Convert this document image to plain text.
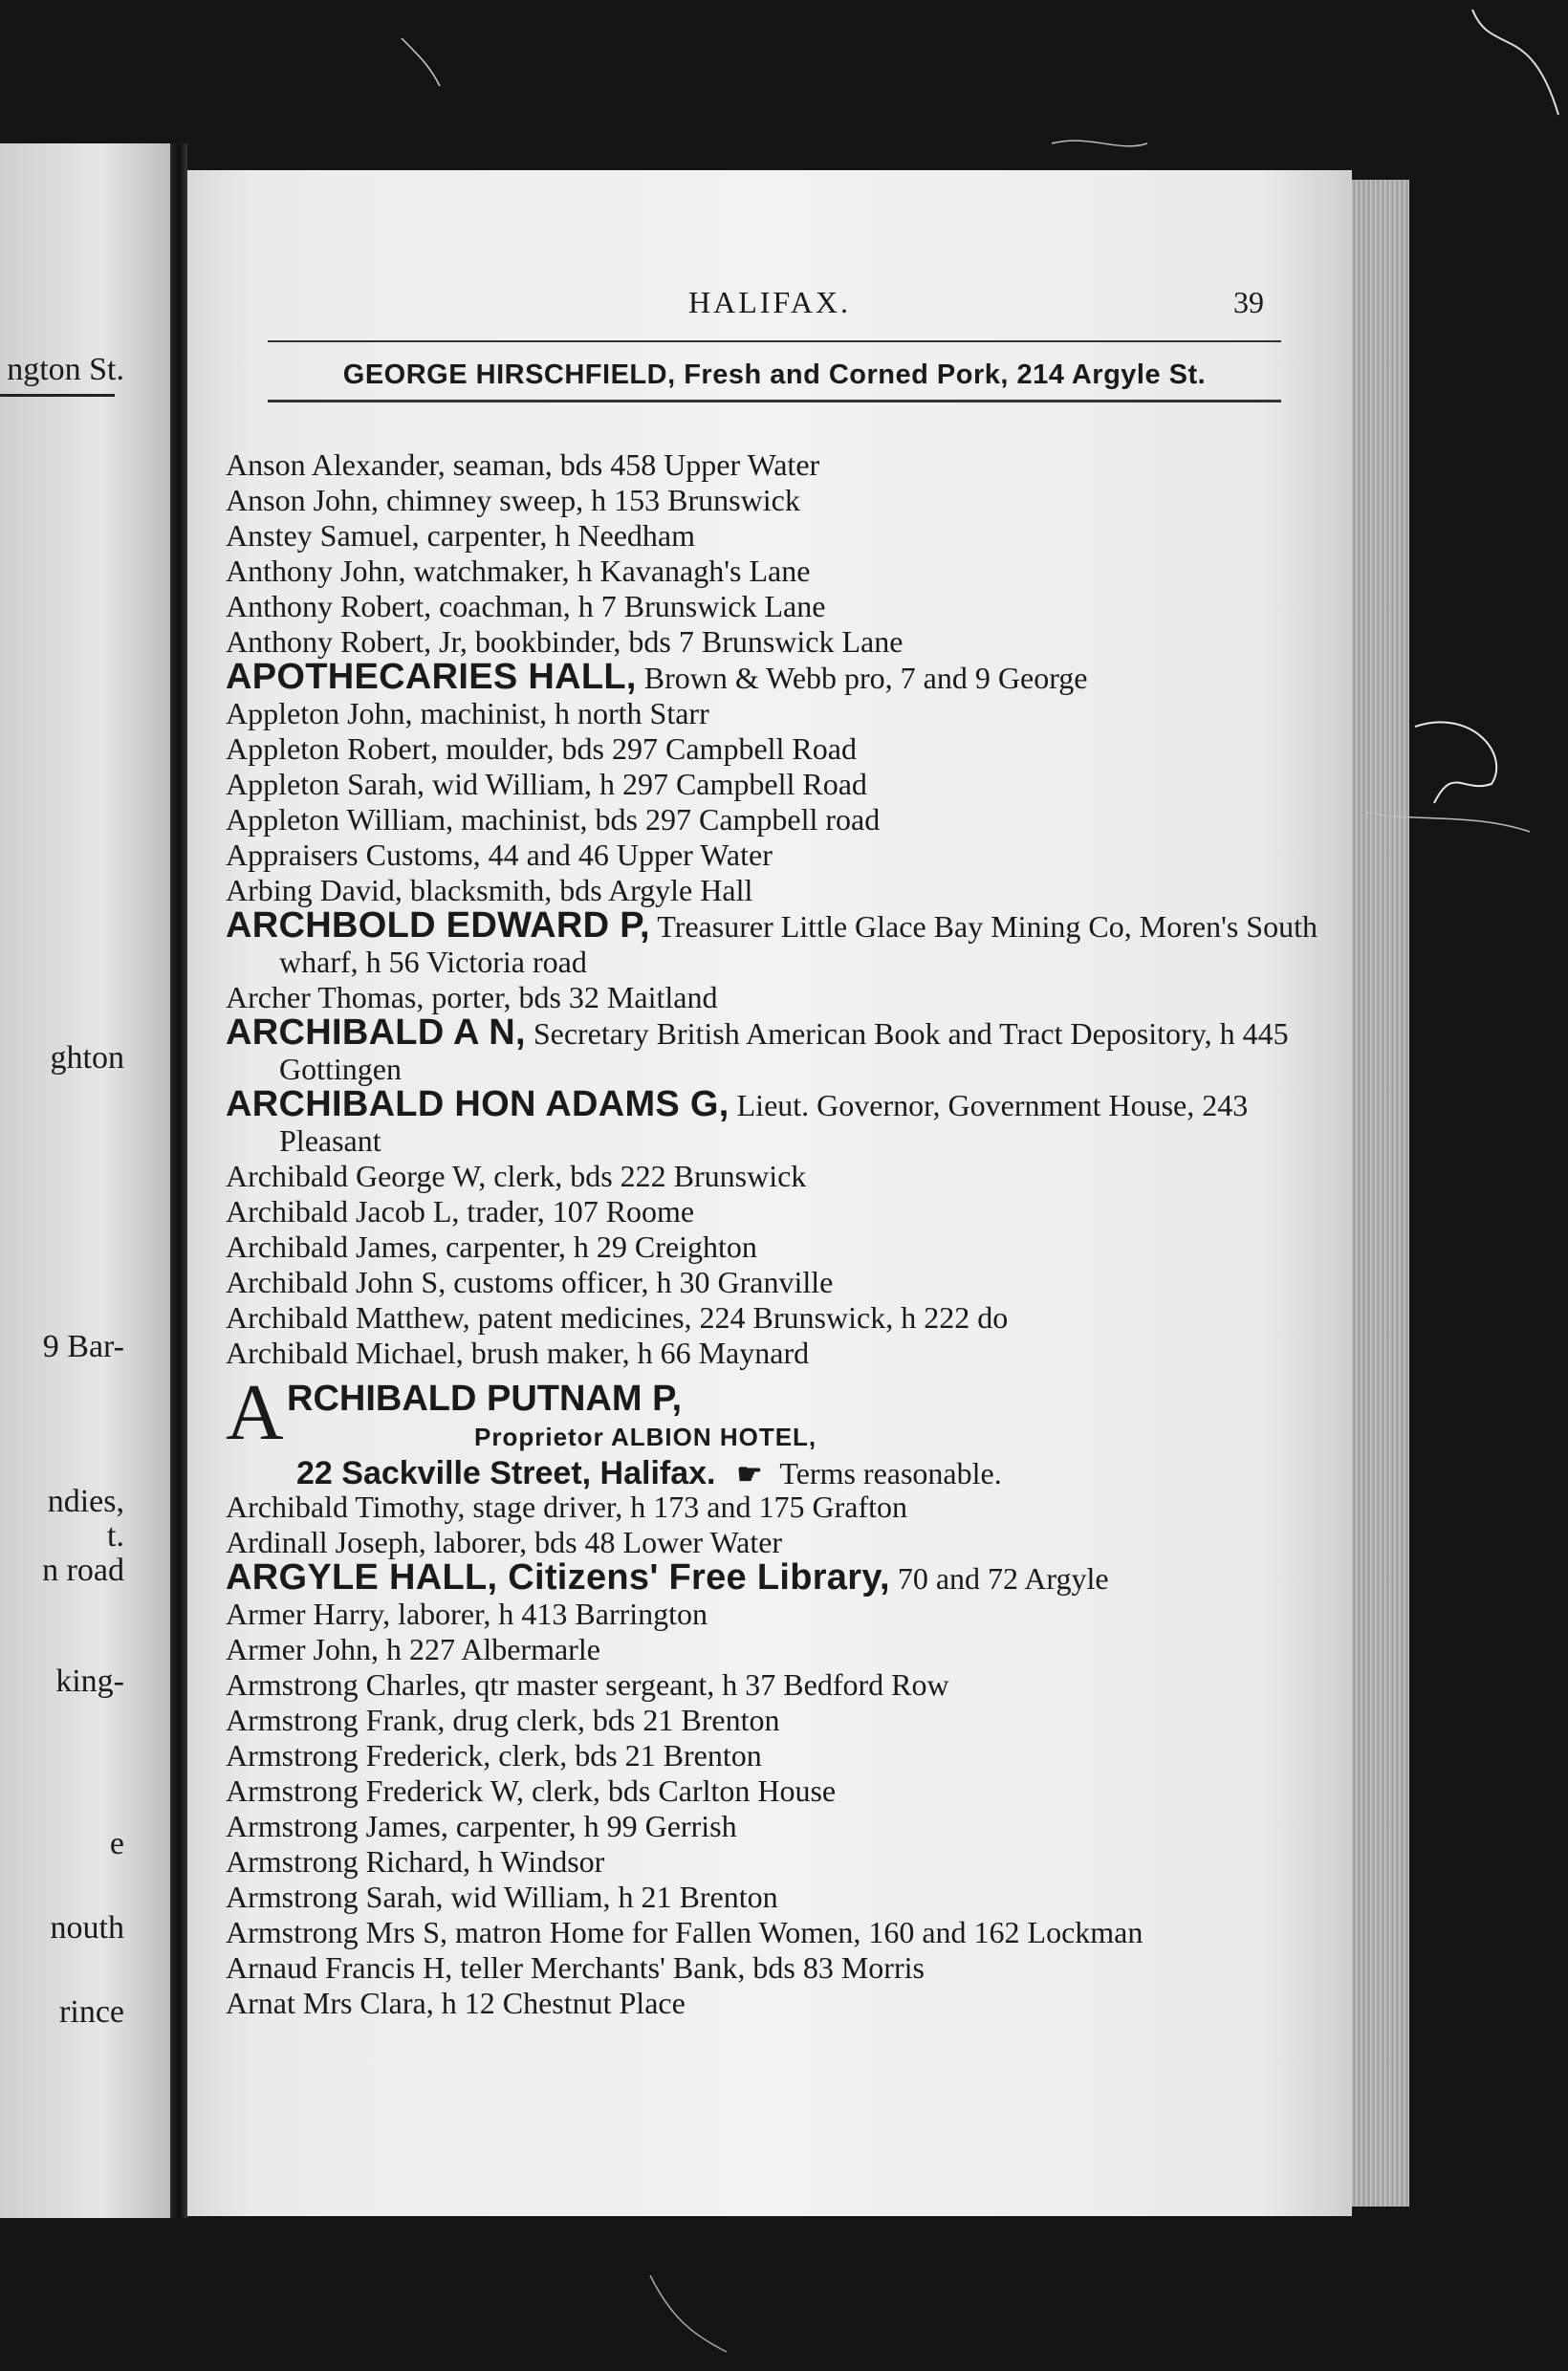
ngton St.
ghton
9 Bar-
ndies,
t.
n road
king-
e
nouth
rince
HALIFAX.	39
GEORGE HIRSCHFIELD, Fresh and Corned Pork, 214 Argyle St.
Anson Alexander, seaman, bds 458 Upper Water
Anson John, chimney sweep, h 153 Brunswick
Anstey Samuel, carpenter, h Needham
Anthony John, watchmaker, h Kavanagh's Lane
Anthony Robert, coachman, h 7 Brunswick Lane
Anthony Robert, Jr, bookbinder, bds 7 Brunswick Lane
APOTHECARIES HALL, Brown & Webb pro, 7 and 9 George
Appleton John, machinist, h north Starr
Appleton Robert, moulder, bds 297 Campbell Road
Appleton Sarah, wid William, h 297 Campbell Road
Appleton William, machinist, bds 297 Campbell road
Appraisers Customs, 44 and 46 Upper Water
Arbing David, blacksmith, bds Argyle Hall
ARCHBOLD EDWARD P, Treasurer Little Glace Bay Mining Co, Moren's South wharf, h 56 Victoria road
Archer Thomas, porter, bds 32 Maitland
ARCHIBALD A N, Secretary British American Book and Tract Depository, h 445 Gottingen
ARCHIBALD HON ADAMS G, Lieut. Governor, Government House, 243 Pleasant
Archibald George W, clerk, bds 222 Brunswick
Archibald Jacob L, trader, 107 Roome
Archibald James, carpenter, h 29 Creighton
Archibald John S, customs officer, h 30 Granville
Archibald Matthew, patent medicines, 224 Brunswick, h 222 do
Archibald Michael, brush maker, h 66 Maynard
A RCHIBALD PUTNAM P,
Proprietor ALBION HOTEL,
22 Sackville Street, Halifax. ☛ Terms reasonable.
Archibald Timothy, stage driver, h 173 and 175 Grafton
Ardinall Joseph, laborer, bds 48 Lower Water
ARGYLE HALL, Citizens' Free Library, 70 and 72 Argyle
Armer Harry, laborer, h 413 Barrington
Armer John, h 227 Albermarle
Armstrong Charles, qtr master sergeant, h 37 Bedford Row
Armstrong Frank, drug clerk, bds 21 Brenton
Armstrong Frederick, clerk, bds 21 Brenton
Armstrong Frederick W, clerk, bds Carlton House
Armstrong James, carpenter, h 99 Gerrish
Armstrong Richard, h Windsor
Armstrong Sarah, wid William, h 21 Brenton
Armstrong Mrs S, matron Home for Fallen Women, 160 and 162 Lockman
Arnaud Francis H, teller Merchants' Bank, bds 83 Morris
Arnat Mrs Clara, h 12 Chestnut Place
